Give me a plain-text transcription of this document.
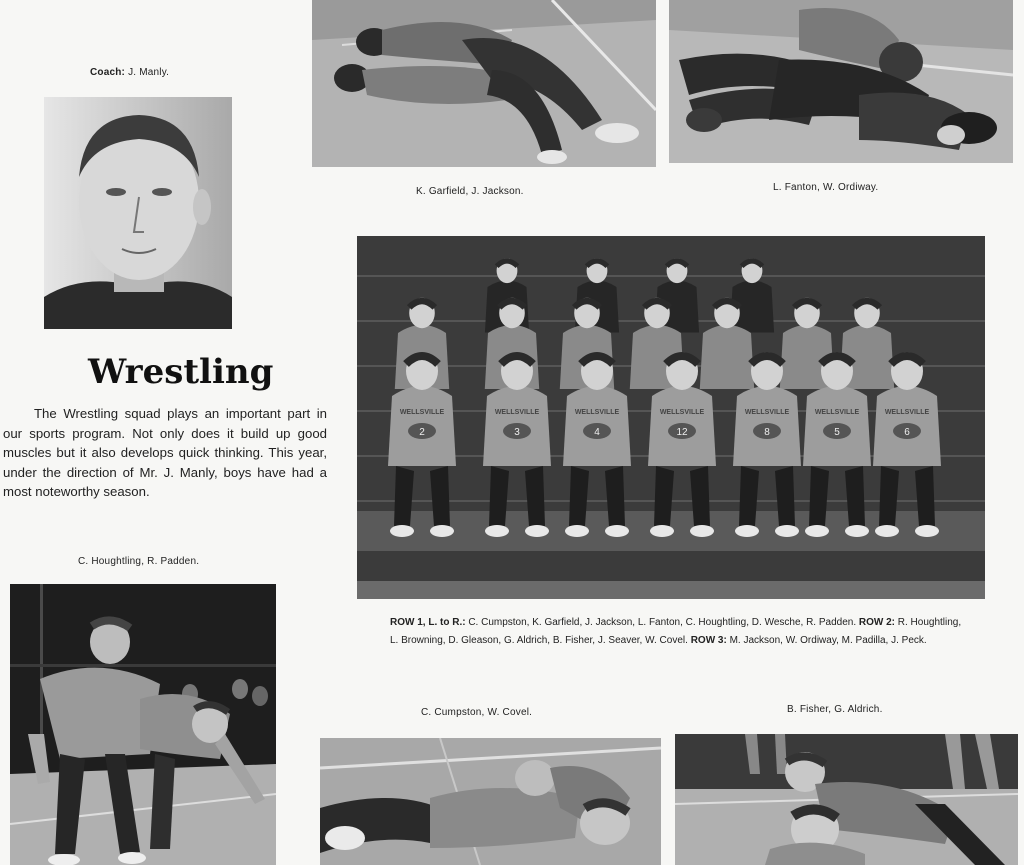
Coach: J. Manly.
Wrestling
The Wrestling squad plays an important part in our sports program. Not only does it build up good muscles but it also develops quick thinking. This year, under the direction of Mr. J. Manly, boys have had a most noteworthy season.
K. Garfield, J. Jackson.	L. Fanton, W. Ordiway.
2
WELLSVILLE
3
WELLSVILLE
4
WELLSVILLE
12
WELLSVILLE
8
WELLSVILLE
5
WELLSVILLE
6
WELLSVILLE
ROW 1, L. to R.: C. Cumpston, K. Garfield, J. Jackson, L. Fanton, C. Houghtling, D. Wesche, R. Padden. ROW 2: R. Houghtling, L. Browning, D. Gleason, G. Aldrich, B. Fisher, J. Seaver, W. Covel. ROW 3: M. Jackson, W. Ordiway, M. Padilla, J. Peck.
C. Houghtling, R. Padden.
C. Cumpston, W. Covel.	B. Fisher, G. Aldrich.
